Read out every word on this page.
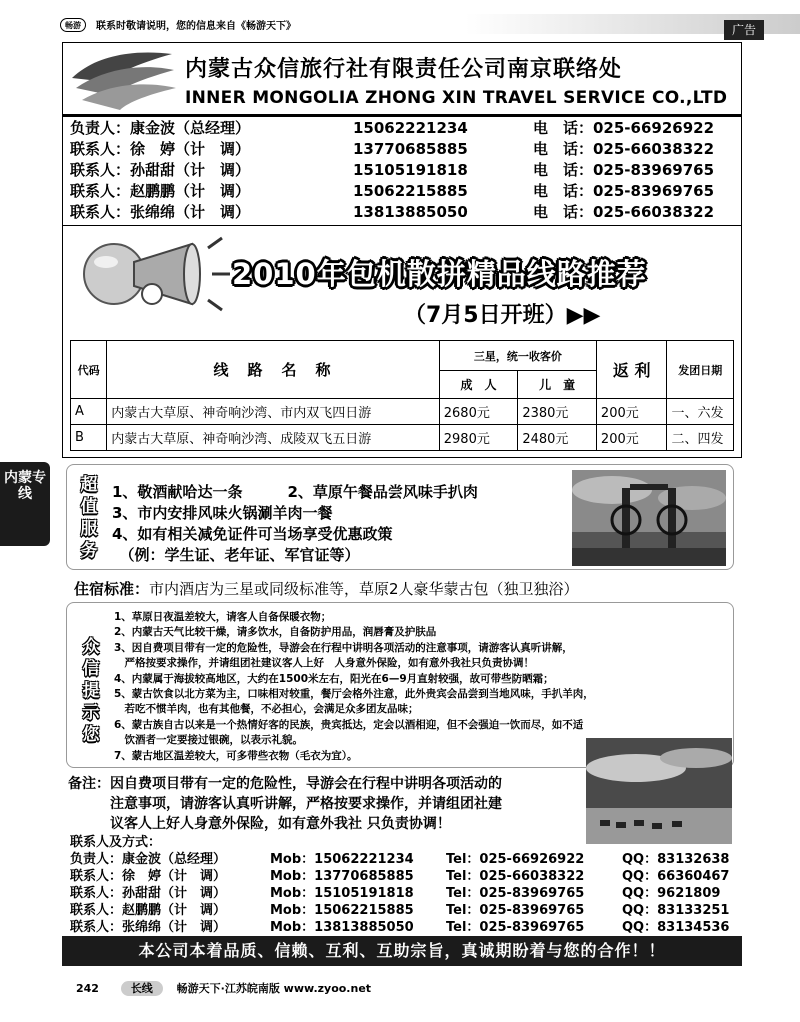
联系时敬请说明，您的信息来自《畅游天下》
畅游	广告
内蒙古众信旅行社有限责任公司南京联络处
INNER MONGOLIA ZHONG XIN TRAVEL SERVICE CO.,LTD
负责人：康金波（总经理）	15062221234	电　话：025-66926922
联系人：徐　婷（计　调）	13770685885	电　话：025-66038322
联系人：孙甜甜（计　调）	15105191818	电　话：025-83969765
联系人：赵鹏鹏（计　调）	15062215885	电　话：025-83969765
联系人：张绵绵（计　调）	13813885050	电　话：025-66038322
2010年包机散拼精品线路推荐
（7月5日开班）▶▶
代码	线　路　名　称	三星，统一收客价		返 利	发团日期
		成　人	儿　童		
A	内蒙古大草原、神奇响沙湾、市内双飞四日游	2680元	2380元	200元	一、六发
B	内蒙古大草原、神奇响沙湾、成陵双飞五日游	2980元	2480元	200元	二、四发
内蒙专线	超值服务
1、敬酒献哈达一条　　　2、草原午餐品尝风味手扒肉
3、市内安排风味火锅涮羊肉一餐
4、如有相关减免证件可当场享受优惠政策
　（例：学生证、老年证、军官证等）
住宿标准：市内酒店为三星或同级标准等，草原2人豪华蒙古包（独卫独浴）
众信提示您
1、草原日夜温差较大，请客人自备保暖衣物；
2、内蒙古天气比较干燥，请多饮水，自备防护用品，润唇膏及护肤品
3、因自费项目带有一定的危险性，导游会在行程中讲明各项活动的注意事项，请游客认真听讲解，
　严格按要求操作，并请组团社建议客人上好　人身意外保险，如有意外我社只负责协调！
4、内蒙属于海拔较高地区，大约在1500米左右，阳光在6—9月直射较强，故可带些防晒霜；
5、蒙古饮食以北方菜为主，口味相对较重，餐厅会格外注意，此外贵宾会品尝到当地风味，手扒羊肉，
　若吃不惯羊肉，也有其他餐，不必担心，会满足众多团友品味；
6、蒙古族自古以来是一个热情好客的民族，贵宾抵达，定会以酒相迎，但不会强迫一饮而尽，如不适
　饮酒者一定要接过银碗，以表示礼貌。
7、蒙古地区温差较大，可多带些衣物（毛衣为宜）。
备注：因自费项目带有一定的危险性，导游会在行程中讲明各项活动的
注意事项，请游客认真听讲解，严格按要求操作，并请组团社建
议客人上好人身意外保险，如有意外我社 只负责协调！
联系人及方式：
负责人：康金波（总经理）	Mob：15062221234	Tel：025-66926922	QQ：83132638
联系人：徐　婷（计　调）	Mob：13770685885	Tel：025-66038322	QQ：66360467
联系人：孙甜甜（计　调）	Mob：15105191818	Tel：025-83969765	QQ：9621809
联系人：赵鹏鹏（计　调）	Mob：15062215885	Tel：025-83969765	QQ：83133251
联系人：张绵绵（计　调）	Mob：13813885050	Tel：025-83969765	QQ：83134536
本公司本着品质、信赖、互利、互助宗旨，真诚期盼着与您的合作！！
242	长线 畅游天下·江苏皖南版 www.zyoo.net
